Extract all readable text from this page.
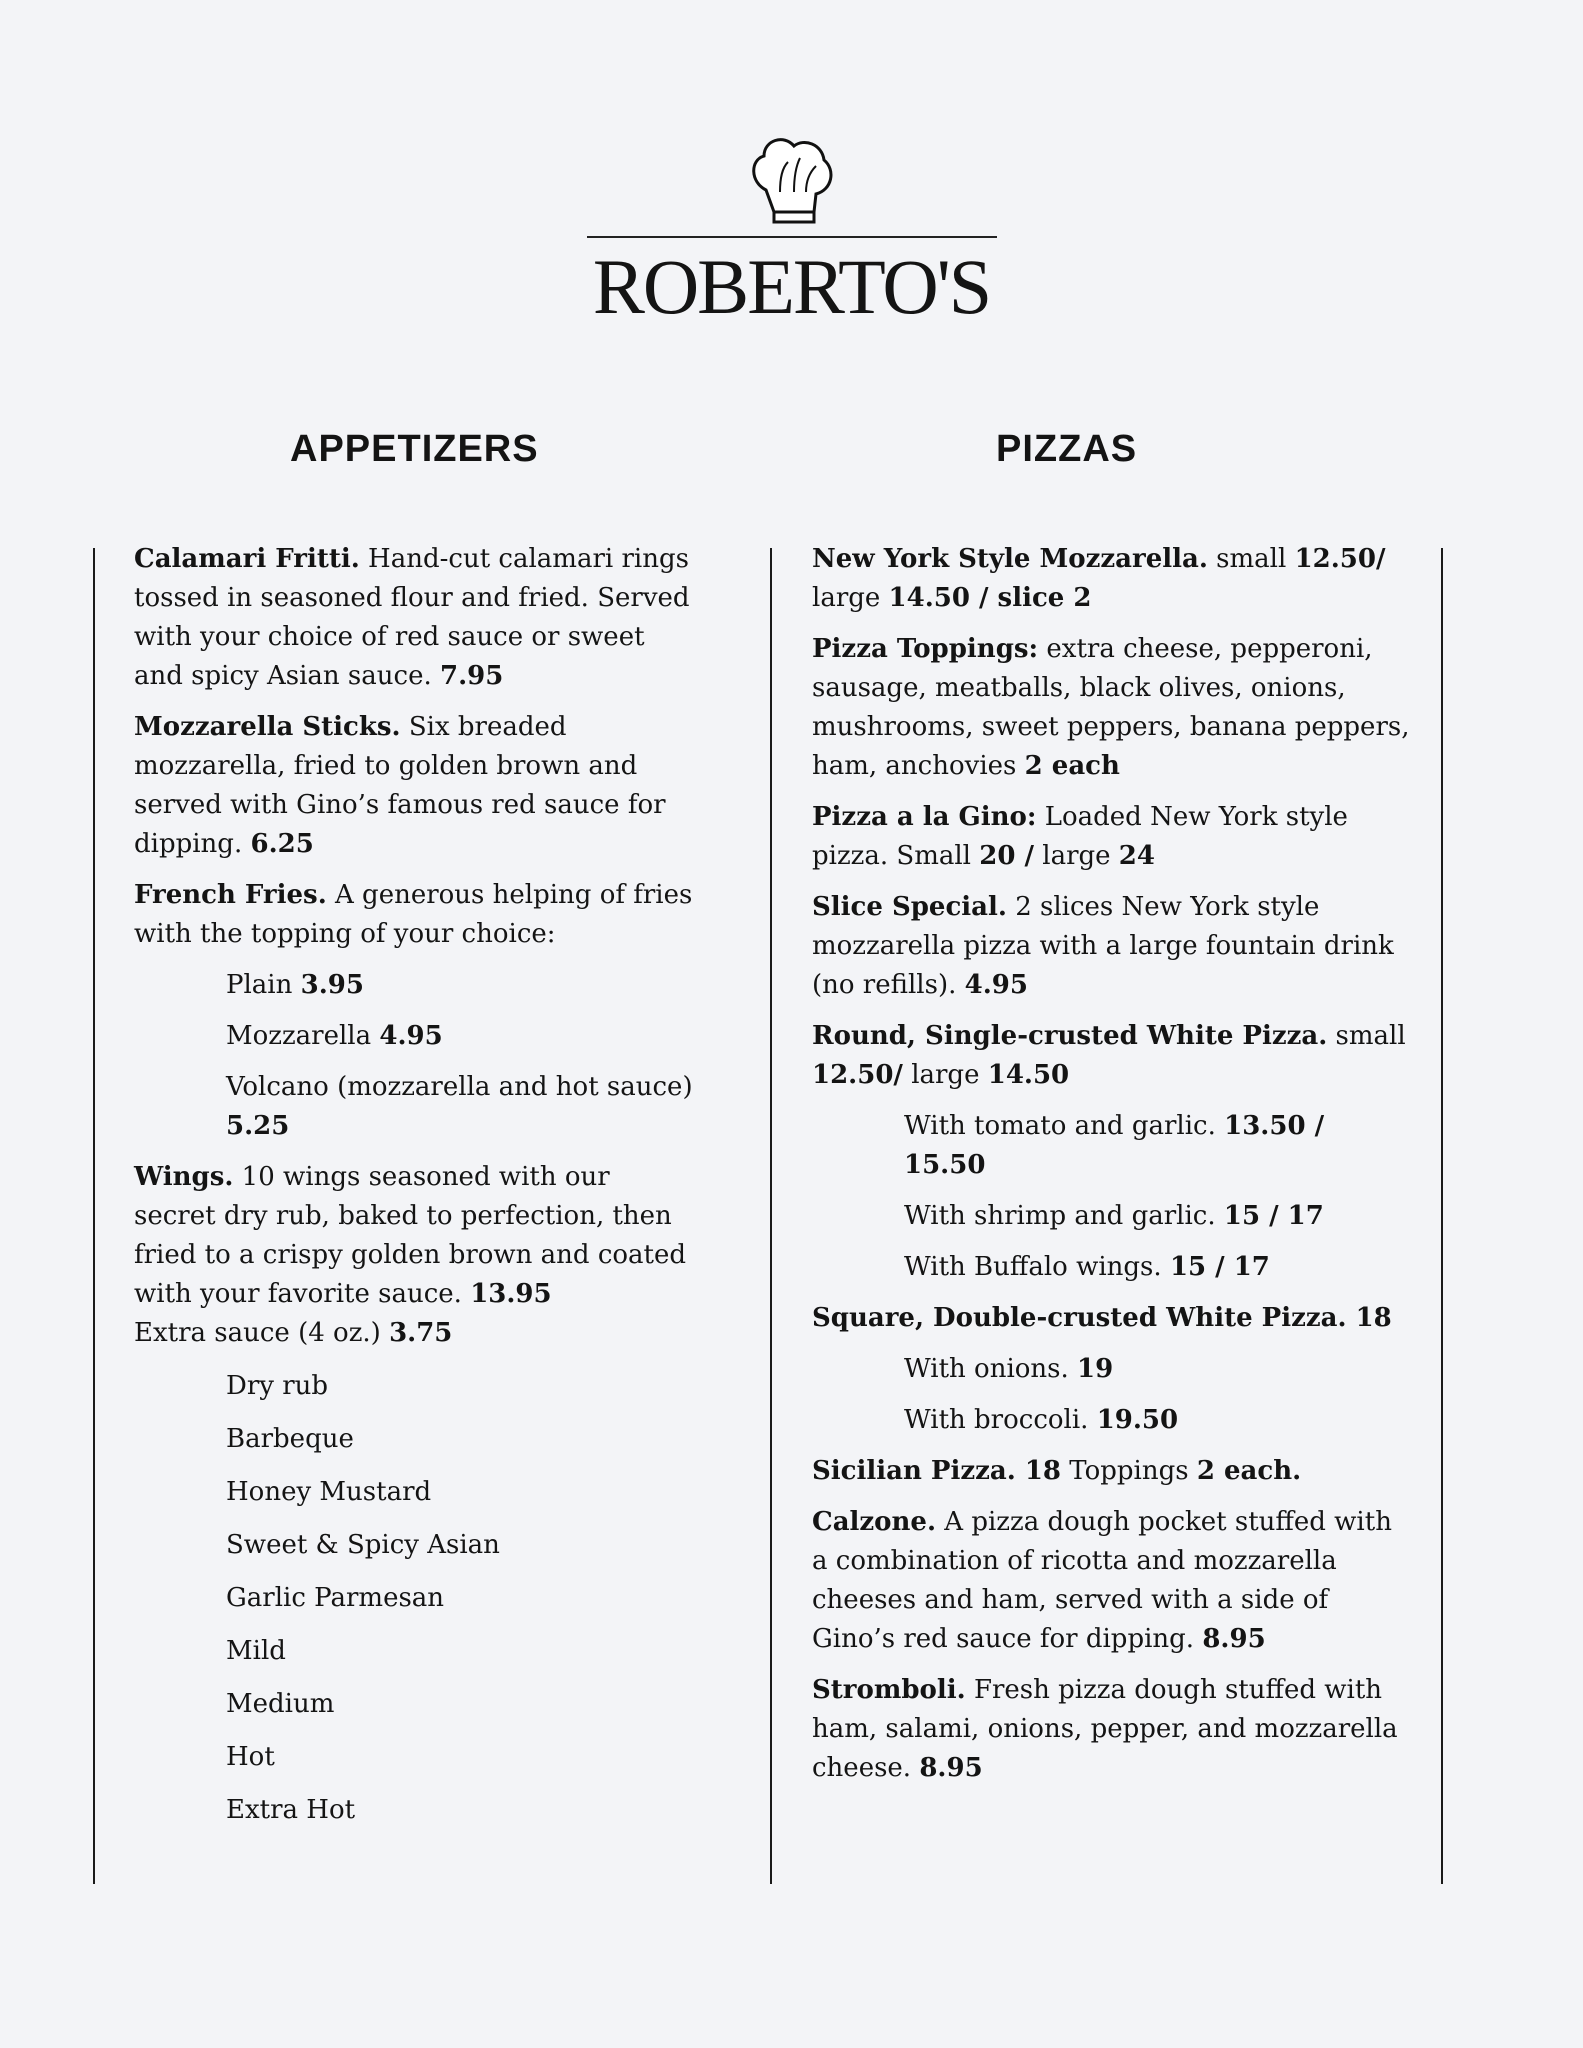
ROBERTO'S
APPETIZERS	PIZZAS

Calamari Fritti. Hand-cut calamari rings tossed in seasoned flour and fried. Served with your choice of red sauce or sweet and spicy Asian sauce. 7.95

Mozzarella Sticks. Six breaded mozzarella, fried to golden brown and served with Gino’s famous red sauce for dipping. 6.25

French Fries. A generous helping of fries with the topping of your choice:

Plain 3.95

Mozzarella 4.95

Volcano (mozzarella and hot sauce) 5.25

Wings. 10 wings seasoned with our secret dry rub, baked to perfection, then fried to a crispy golden brown and coated with your favorite sauce. 13.95

Extra sauce (4 oz.) 3.75

Dry rub
Barbeque
Honey Mustard
Sweet & Spicy Asian
Garlic Parmesan
Mild
Medium
Hot
Extra Hot

New York Style Mozzarella. small 12.50/ large 14.50 / slice 2

Pizza Toppings: extra cheese, pepperoni, sausage, meatballs, black olives, onions, mushrooms, sweet peppers, banana peppers, ham, anchovies 2 each

Pizza a la Gino: Loaded New York style pizza. Small 20 / large 24

Slice Special. 2 slices New York style mozzarella pizza with a large fountain drink (no refills). 4.95

Round, Single-crusted White Pizza. small 12.50/ large 14.50

With tomato and garlic. 13.50 / 15.50

With shrimp and garlic. 15 / 17

With Buffalo wings. 15 / 17

Square, Double-crusted White Pizza. 18

With onions. 19

With broccoli. 19.50

Sicilian Pizza. 18 Toppings 2 each.

Calzone. A pizza dough pocket stuffed with a combination of ricotta and mozzarella cheeses and ham, served with a side of Gino’s red sauce for dipping. 8.95

Stromboli. Fresh pizza dough stuffed with ham, salami, onions, pepper, and mozzarella cheese. 8.95
